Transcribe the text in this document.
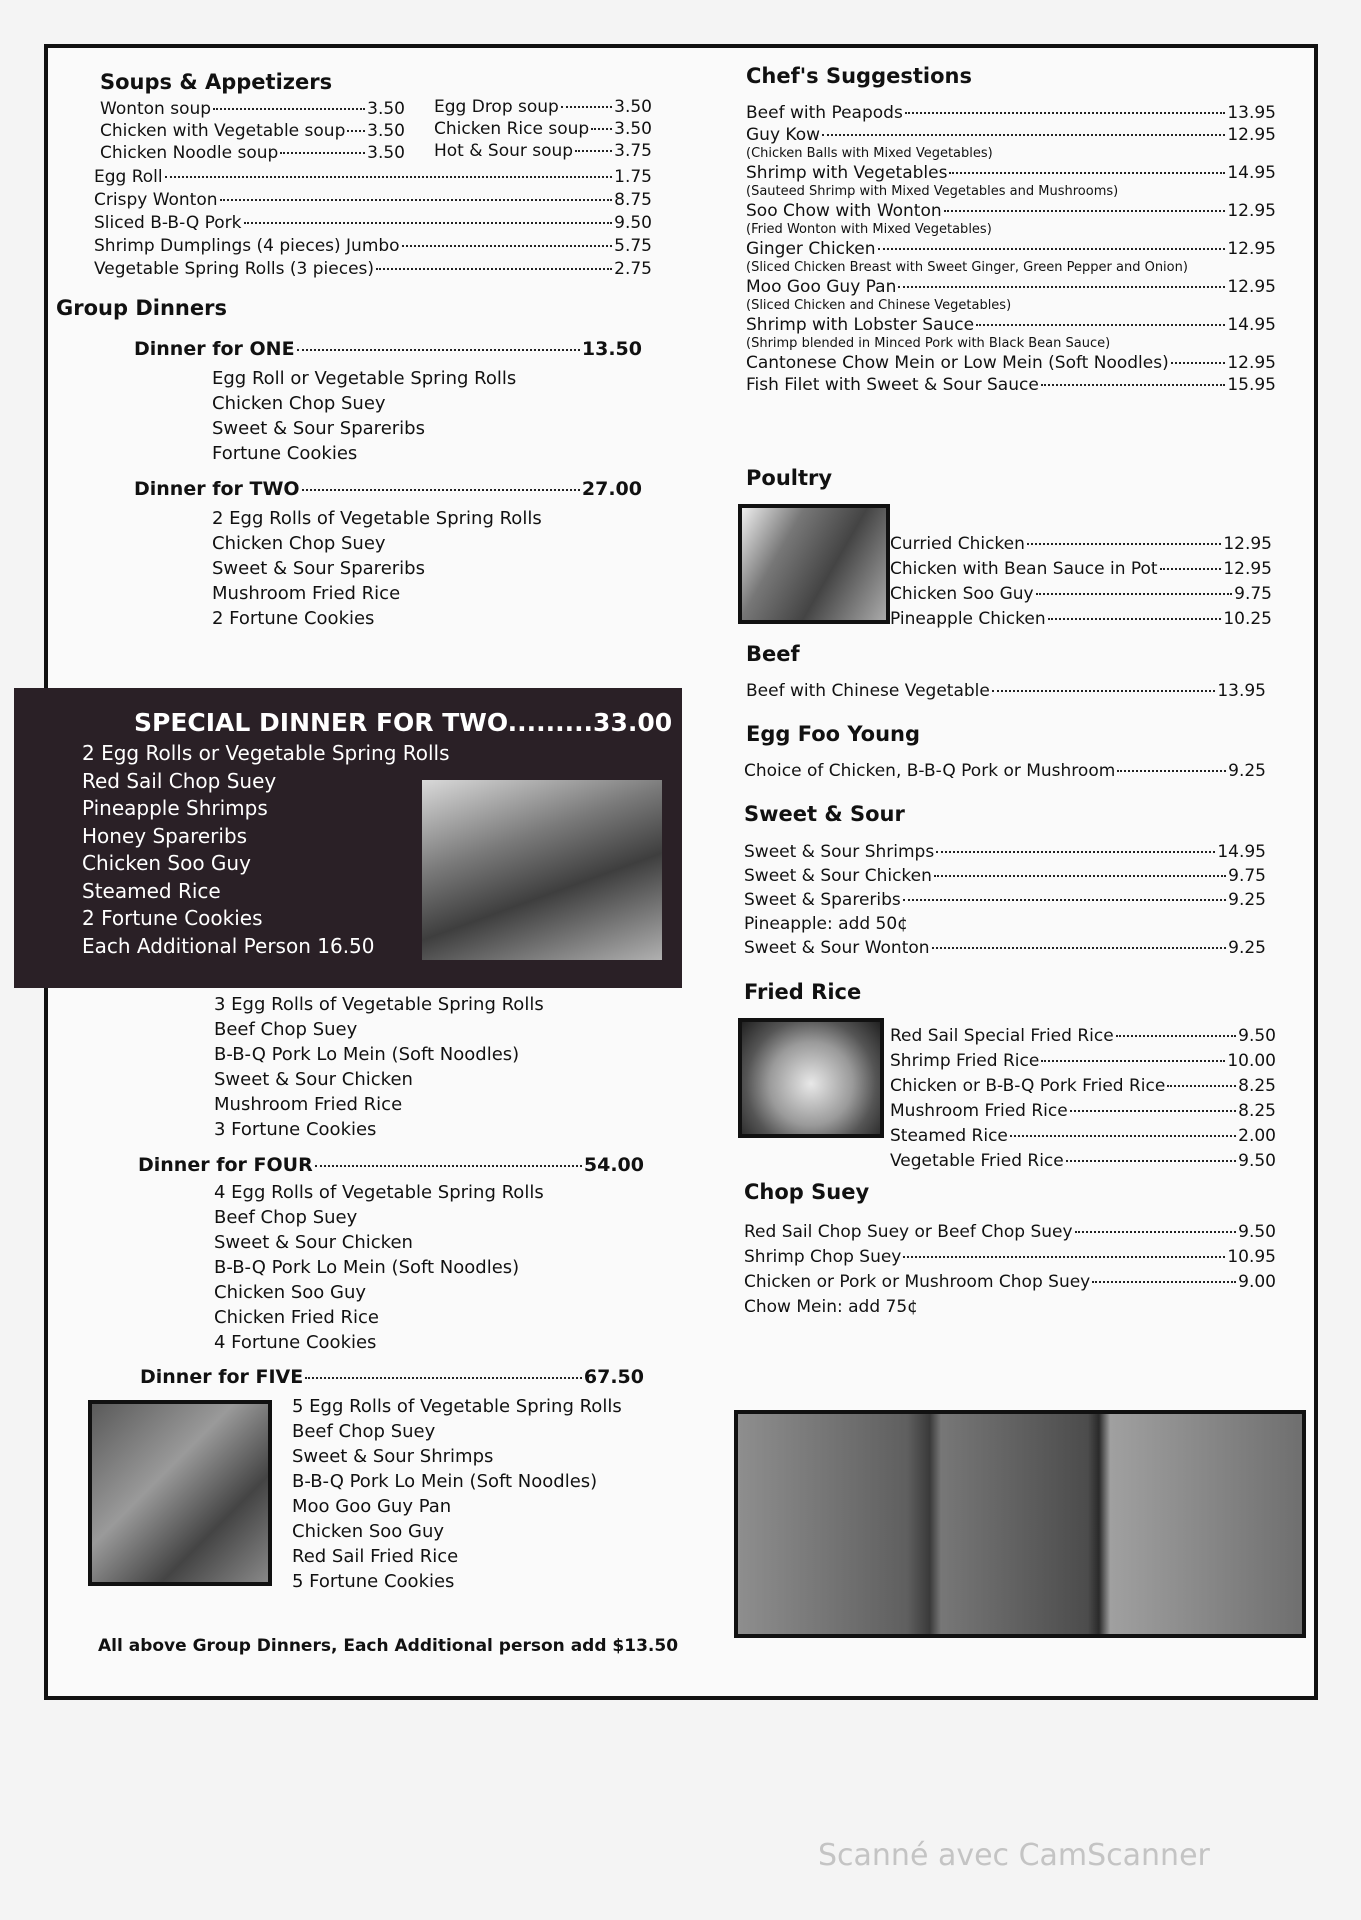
Soups & Appetizers
Wonton soup	3.50
Chicken with Vegetable soup 3.50
Chicken Noodle soup	3.50
Egg Drop soup	3.50
Chicken Rice soup 3.50
Hot & Sour soup 3.75
Egg Roll	1.75
Crispy Wonton	8.75
Sliced B-B-Q Pork	9.50
Shrimp Dumplings (4 pieces) Jumbo	5.75
Vegetable Spring Rolls (3 pieces)	2.75
Group Dinners
Dinner for ONE	13.50
Egg Roll or Vegetable Spring Rolls
Chicken Chop Suey
Sweet & Sour Spareribs
Fortune Cookies
Dinner for TWO	27.00
2 Egg Rolls of Vegetable Spring Rolls
Chicken Chop Suey
Sweet & Sour Spareribs
Mushroom Fried Rice
2 Fortune Cookies
3 Egg Rolls of Vegetable Spring Rolls
Beef Chop Suey
B-B-Q Pork Lo Mein (Soft Noodles)
Sweet & Sour Chicken
Mushroom Fried Rice
3 Fortune Cookies
Dinner for FOUR	54.00
4 Egg Rolls of Vegetable Spring Rolls
Beef Chop Suey
Sweet & Sour Chicken
B-B-Q Pork Lo Mein (Soft Noodles)
Chicken Soo Guy
Chicken Fried Rice
4 Fortune Cookies
Dinner for FIVE	67.50
5 Egg Rolls of Vegetable Spring Rolls
Beef Chop Suey
Sweet & Sour Shrimps
B-B-Q Pork Lo Mein (Soft Noodles)
Moo Goo Guy Pan
Chicken Soo Guy
Red Sail Fried Rice
5 Fortune Cookies
All above Group Dinners, Each Additional person add $13.50
SPECIAL DINNER FOR TWO.........33.00
2 Egg Rolls or Vegetable Spring Rolls
Red Sail Chop Suey
Pineapple Shrimps
Honey Spareribs
Chicken Soo Guy
Steamed Rice
2 Fortune Cookies
Each Additional Person 16.50
Chef's Suggestions
Beef with Peapods	13.95
Guy Kow	12.95
(Chicken Balls with Mixed Vegetables)
Shrimp with Vegetables	14.95
(Sauteed Shrimp with Mixed Vegetables and Mushrooms)
Soo Chow with Wonton	12.95
(Fried Wonton with Mixed Vegetables)
Ginger Chicken	12.95
(Sliced Chicken Breast with Sweet Ginger, Green Pepper and Onion)
Moo Goo Guy Pan	12.95
(Sliced Chicken and Chinese Vegetables)
Shrimp with Lobster Sauce	14.95
(Shrimp blended in Minced Pork with Black Bean Sauce)
Cantonese Chow Mein or Low Mein (Soft Noodles)	12.95
Fish Filet with Sweet & Sour Sauce	15.95
Poultry
Curried Chicken	12.95
Chicken with Bean Sauce in Pot	12.95
Chicken Soo Guy	9.75
Pineapple Chicken	10.25
Beef
Beef with Chinese Vegetable	13.95
Egg Foo Young
Choice of Chicken, B-B-Q Pork or Mushroom	9.25
Sweet & Sour
Sweet & Sour Shrimps	14.95
Sweet & Sour Chicken	9.75
Sweet & Spareribs	9.25
Pineapple: add 50¢
Sweet & Sour Wonton	9.25
Fried Rice
Red Sail Special Fried Rice	9.50
Shrimp Fried Rice	10.00
Chicken or B-B-Q Pork Fried Rice	8.25
Mushroom Fried Rice	8.25
Steamed Rice	2.00
Vegetable Fried Rice	9.50
Chop Suey
Red Sail Chop Suey or Beef Chop Suey	9.50
Shrimp Chop Suey	10.95
Chicken or Pork or Mushroom Chop Suey	9.00
Chow Mein: add 75¢
Scanné avec CamScanner
